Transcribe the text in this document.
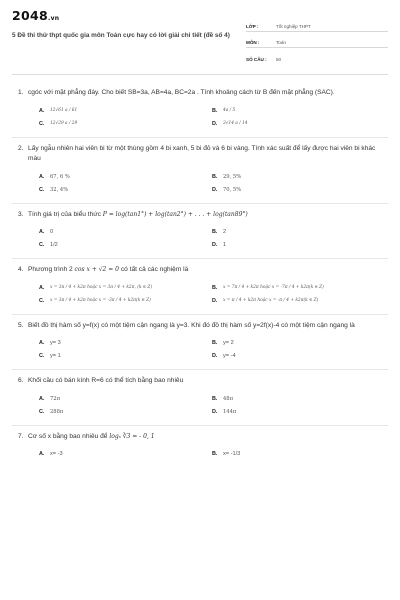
2048.vn
5 Đề thi thử thpt quốc gia môn Toán cực hay có lời giải chi tiết (đề số 4)
LỚP :	Tốt nghiệp THPT
MÔN :	Toán
SỐ CÂU :	50
1. cgóc với mặt phẳng đáy. Cho biết SB=3a, AB=4a, BC=2a . Tính khoảng cách từ B đến mặt phẳng (SAC).
A.	12√61 a / 61	B.	4a / 5
C.	12√29 a / 29	D.	3√14 a / 14
2. Lấy ngẫu nhiên hai viên bi từ một thùng gồm 4 bi xanh, 5 bi đỏ và 6 bi vàng. Tính xác suất để lấy được hai viên bi khác màu
A.	67, 6 %	B.	29, 5%
C.	32, 4%	D.	70, 5%
3. Tính giá trị của biểu thức P = log(tan1°) + log(tan2°) + . . . + log(tan89°)
A. 0	B. 2
C. 1/2	D. 1
4. Phương trình 2 cos x + √2 = 0 có tất cả các nghiệm là
A.	x = 3π / 4 + k2π hoặc x = 3π / 4 + k2π, (k ∈ Z)	B.	x = 7π / 4 + k2π hoặc x = -7π / 4 + k2π(k ∈ Z)
C.	x = 3π / 4 + k2π hoặc x = -3π / 4 + k2π(k ∈ Z)	D.	x = π / 4 + k2π hoặc x = -π / 4 + k2π(k ∈ Z)
5. Biết đồ thị hàm số y=f(x) có một tiệm cận ngang là y=3. Khi đó đồ thị hàm số y=2f(x)-4 có một tiệm cận ngang là
A. y= 3	B. y= 2
C. y= 1	D. y= -4
6. Khối cầu có bán kính R=6 có thể tích bằng bao nhiêu
A.	72π	B.	48π
C.	288π	D.	144π
7. Cơ số x bằng bao nhiêu để logₓ ∛3 = - 0, 1
A. x= -3	B. x= -1/3
